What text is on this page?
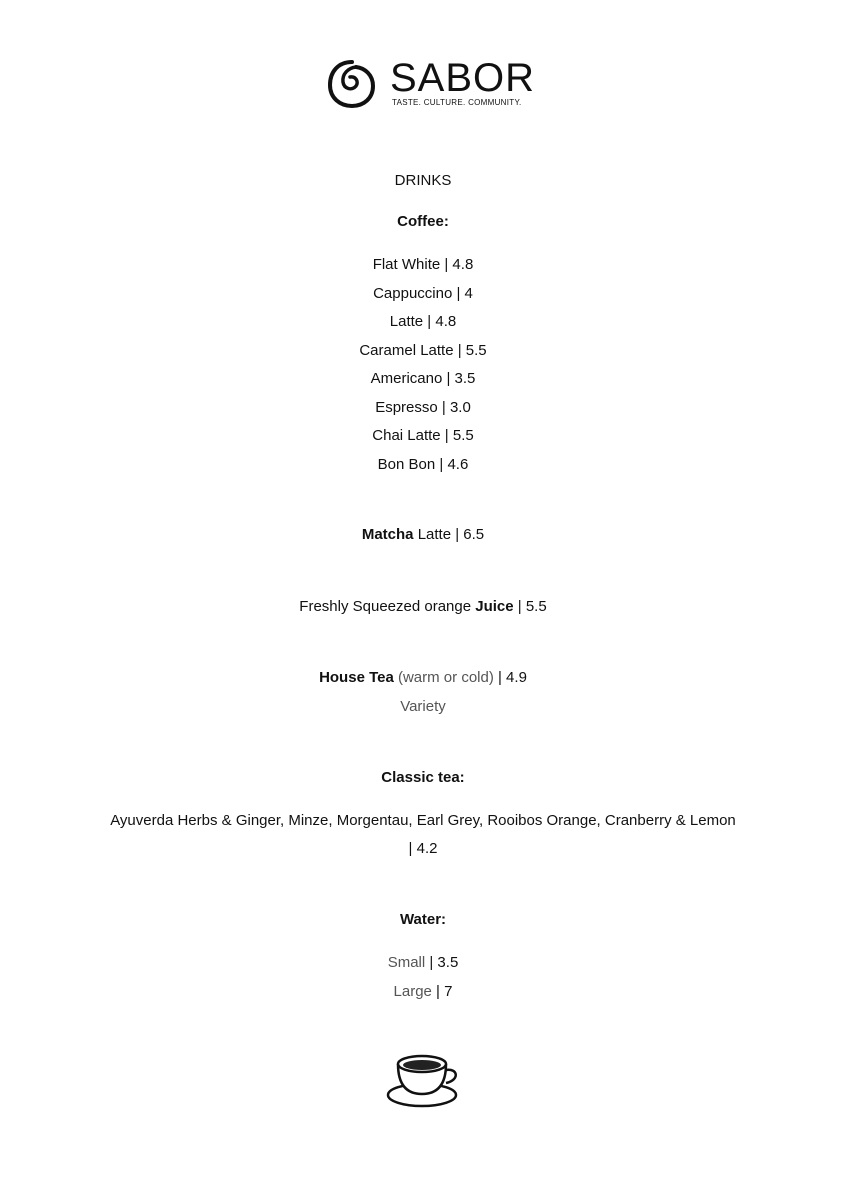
SABOR
TASTE. CULTURE. COMMUNITY.
DRINKS
Coffee:
Flat White | 4.8
Cappuccino | 4
Latte | 4.8
Caramel Latte | 5.5
Americano | 3.5
Espresso | 3.0
Chai Latte | 5.5
Bon Bon | 4.6
Matcha Latte | 6.5
Freshly Squeezed orange Juice | 5.5
House Tea (warm or cold) | 4.9
Variety
Classic tea:
Ayuverda Herbs & Ginger, Minze, Morgentau, Earl Grey, Rooibos Orange, Cranberry & Lemon
| 4.2
Water:
Small | 3.5
Large | 7
